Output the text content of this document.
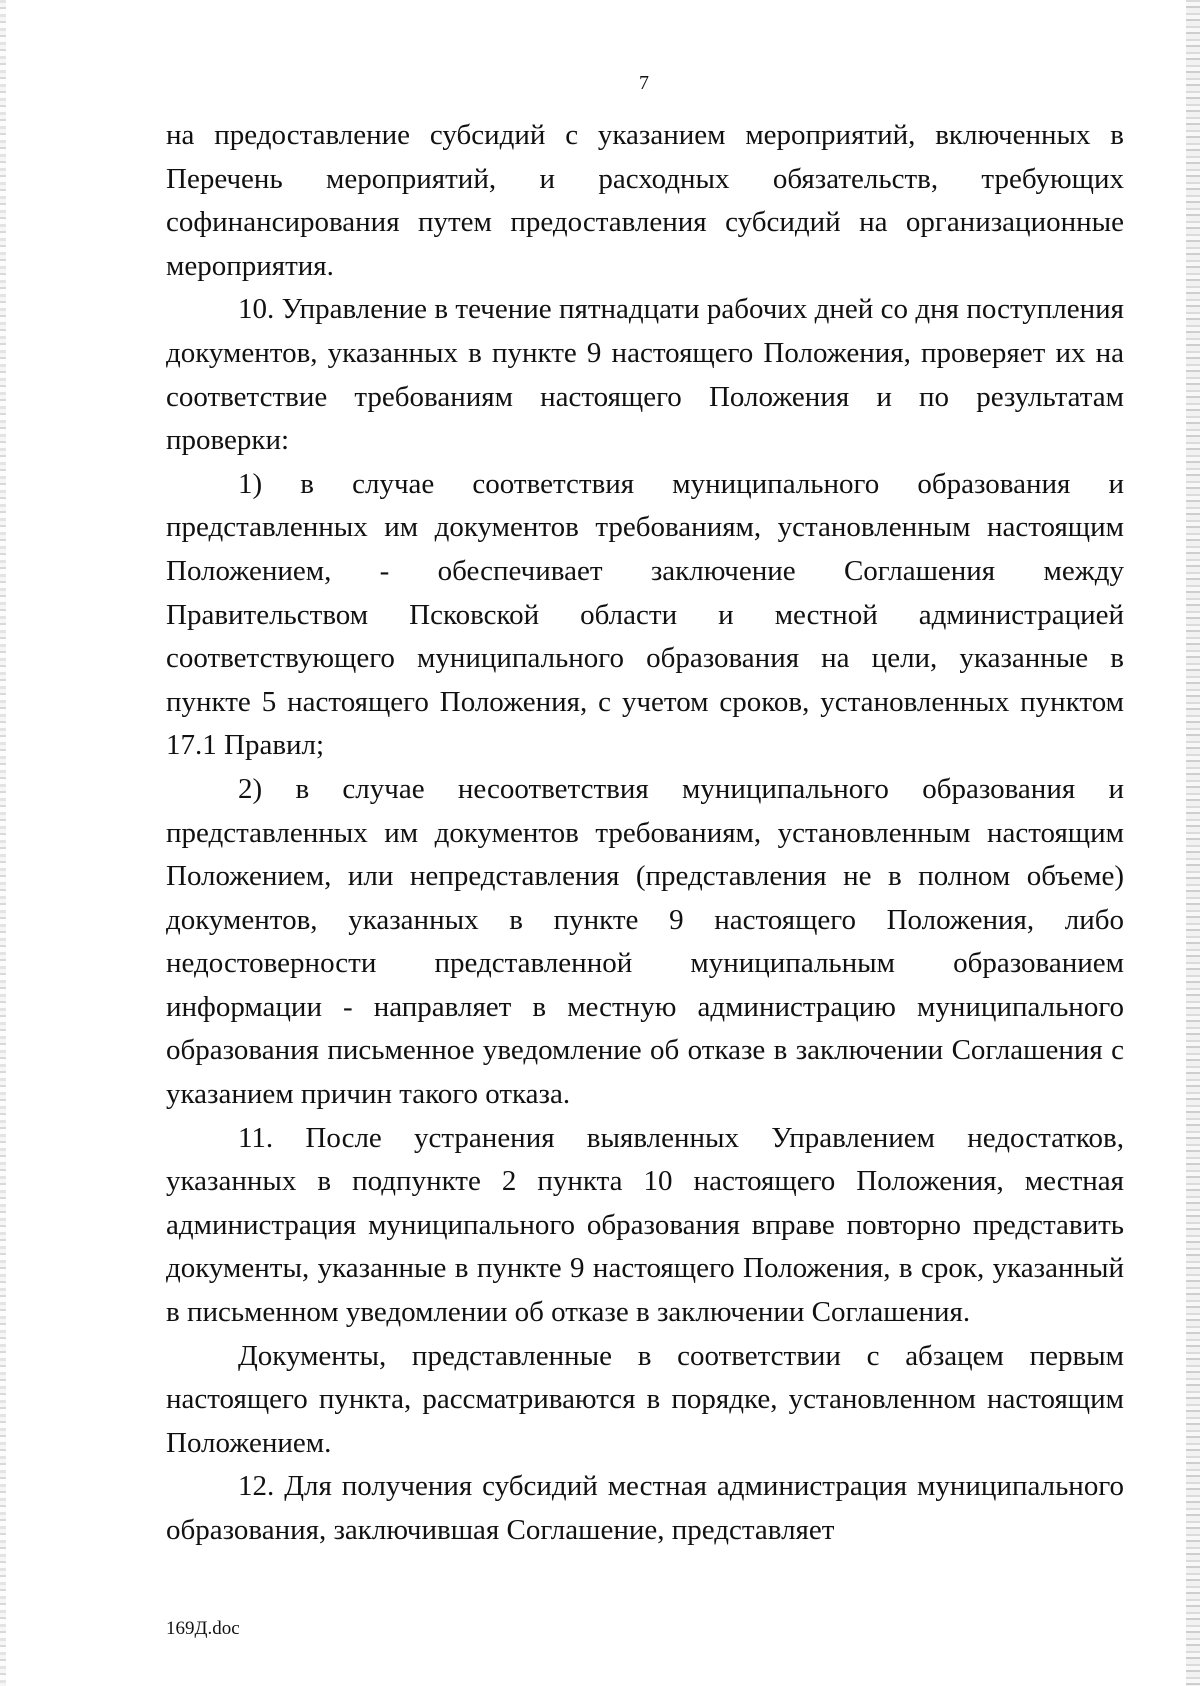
7

на предоставление субсидий с указанием мероприятий, включенных в Перечень мероприятий, и расходных обязательств, требующих софинансирования путем предоставления субсидий на организационные мероприятия.

10. Управление в течение пятнадцати рабочих дней со дня поступления документов, указанных в пункте 9 настоящего Положения, проверяет их на соответствие требованиям настоящего Положения и по результатам проверки:

1) в случае соответствия муниципального образования и представленных им документов требованиям, установленным настоящим Положением, - обеспечивает заключение Соглашения между Правительством Псковской области и местной администрацией соответствующего муниципального образования на цели, указанные в пункте 5 настоящего Положения, с учетом сроков, установленных пунктом 17.1 Правил;

2) в случае несоответствия муниципального образования и представленных им документов требованиям, установленным настоящим Положением, или непредставления (представления не в полном объеме) документов, указанных в пункте 9 настоящего Положения, либо недостоверности представленной муниципальным образованием информации - направляет в местную администрацию муниципального образования письменное уведомление об отказе в заключении Соглашения с указанием причин такого отказа.

11. После устранения выявленных Управлением недостатков, указанных в подпункте 2 пункта 10 настоящего Положения, местная администрация муниципального образования вправе повторно представить документы, указанные в пункте 9 настоящего Положения, в срок, указанный в письменном уведомлении об отказе в заключении Соглашения.

Документы, представленные в соответствии с абзацем первым настоящего пункта, рассматриваются в порядке, установленном настоящим Положением.

12. Для получения субсидий местная администрация муниципального образования, заключившая Соглашение, представляет

169Д.doc
